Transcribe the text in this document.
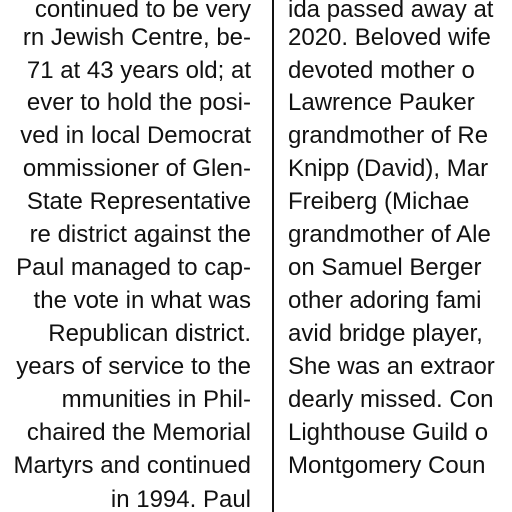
continued to be very
rn Jewish Centre, be-
71 at 43 years old; at
ever to hold the posi-
ved in local Democrat
ommissioner of Glen-
State Representative
re district against the
Paul managed to cap-
the vote in what was
Republican district.
years of service to the
mmunities in Phil-
chaired the Memorial
Martyrs and continued
in 1994. Paul
ida passed away at
2020. Beloved wife
devoted mother o
Lawrence Pauker
grandmother of Re
Knipp (David), Mar
Freiberg (Michae
grandmother of Ale
on Samuel Berger
other adoring fami
avid bridge player,
She was an extraor
dearly missed. Con
Lighthouse Guild o
Montgomery Coun
